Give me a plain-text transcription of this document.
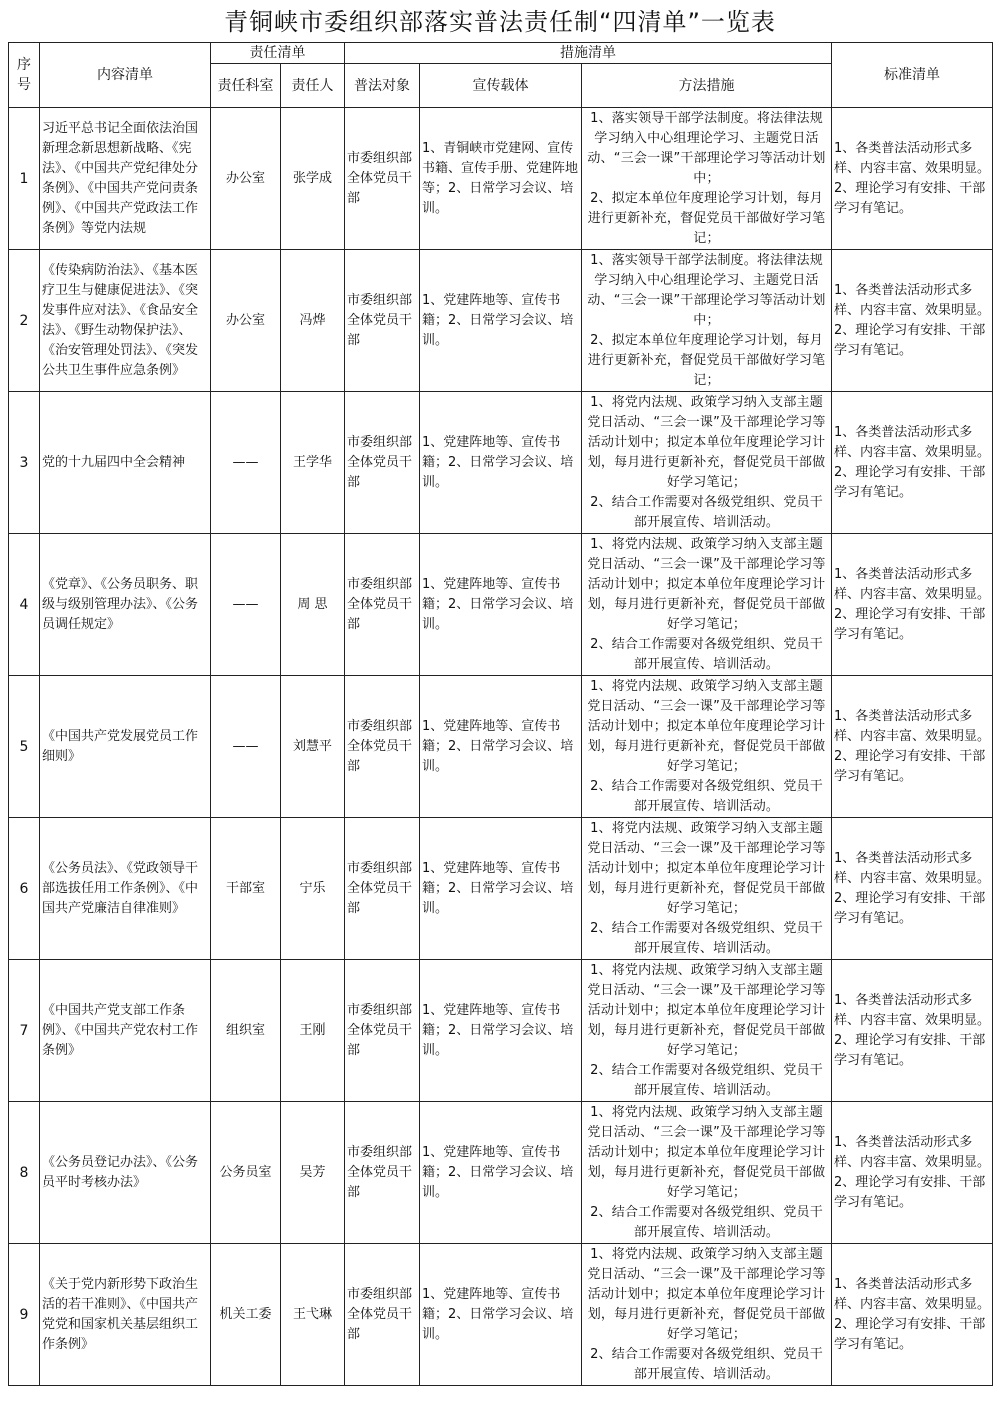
青铜峡市委组织部落实普法责任制“四清单”一览表
序号	内容清单	责任清单		措施清单			标准清单
		责任科室	责任人	普法对象	宣传载体	方法措施	
1	习近平总书记全面依法治国新理念新思想新战略、《宪法》、《中国共产党纪律处分条例》、《中国共产党问责条例》、《中国共产党政法工作条例》等党内法规	办公室	张学成	市委组织部全体党员干部	1、青铜峡市党建网、宣传书籍、宣传手册、党建阵地等；2、日常学习会议、培训。	1、落实领导干部学法制度。将法律法规学习纳入中心组理论学习、主题党日活动、“三会一课”干部理论学习等活动计划中；
2、拟定本单位年度理论学习计划，每月进行更新补充，督促党员干部做好学习笔记；	1、各类普法活动形式多样、内容丰富、效果明显。
2、理论学习有安排、干部学习有笔记。
2	《传染病防治法》、《基本医疗卫生与健康促进法》、《突发事件应对法》、《食品安全法》、《野生动物保护法》、《治安管理处罚法》、《突发公共卫生事件应急条例》	办公室	冯烨	市委组织部全体党员干部	1、党建阵地等、宣传书籍；2、日常学习会议、培训。	1、落实领导干部学法制度。将法律法规学习纳入中心组理论学习、主题党日活动、“三会一课”干部理论学习等活动计划中；
2、拟定本单位年度理论学习计划，每月进行更新补充，督促党员干部做好学习笔记；	1、各类普法活动形式多样、内容丰富、效果明显。
2、理论学习有安排、干部学习有笔记。
3	党的十九届四中全会精神	——	王学华	市委组织部全体党员干部	1、党建阵地等、宣传书籍；2、日常学习会议、培训。	1、将党内法规、政策学习纳入支部主题党日活动、“三会一课”及干部理论学习等活动计划中；拟定本单位年度理论学习计划，每月进行更新补充，督促党员干部做好学习笔记；
2、结合工作需要对各级党组织、党员干部开展宣传、培训活动。	1、各类普法活动形式多样、内容丰富、效果明显。
2、理论学习有安排、干部学习有笔记。
4	《党章》、《公务员职务、职级与级别管理办法》、《公务员调任规定》	——	周 思	市委组织部全体党员干部	1、党建阵地等、宣传书籍；2、日常学习会议、培训。	1、将党内法规、政策学习纳入支部主题党日活动、“三会一课”及干部理论学习等活动计划中；拟定本单位年度理论学习计划，每月进行更新补充，督促党员干部做好学习笔记；
2、结合工作需要对各级党组织、党员干部开展宣传、培训活动。	1、各类普法活动形式多样、内容丰富、效果明显。
2、理论学习有安排、干部学习有笔记。
5	《中国共产党发展党员工作细则》	——	刘慧平	市委组织部全体党员干部	1、党建阵地等、宣传书籍；2、日常学习会议、培训。	1、将党内法规、政策学习纳入支部主题党日活动、“三会一课”及干部理论学习等活动计划中；拟定本单位年度理论学习计划，每月进行更新补充，督促党员干部做好学习笔记；
2、结合工作需要对各级党组织、党员干部开展宣传、培训活动。	1、各类普法活动形式多样、内容丰富、效果明显。
2、理论学习有安排、干部学习有笔记。
6	《公务员法》、《党政领导干部选拔任用工作条例》、《中国共产党廉洁自律准则》	干部室	宁乐	市委组织部全体党员干部	1、党建阵地等、宣传书籍；2、日常学习会议、培训。	1、将党内法规、政策学习纳入支部主题党日活动、“三会一课”及干部理论学习等活动计划中；拟定本单位年度理论学习计划，每月进行更新补充，督促党员干部做好学习笔记；
2、结合工作需要对各级党组织、党员干部开展宣传、培训活动。	1、各类普法活动形式多样、内容丰富、效果明显。
2、理论学习有安排、干部学习有笔记。
7	《中国共产党支部工作条例》、《中国共产党农村工作条例》	组织室	王刚	市委组织部全体党员干部	1、党建阵地等、宣传书籍；2、日常学习会议、培训。	1、将党内法规、政策学习纳入支部主题党日活动、“三会一课”及干部理论学习等活动计划中；拟定本单位年度理论学习计划，每月进行更新补充，督促党员干部做好学习笔记；
2、结合工作需要对各级党组织、党员干部开展宣传、培训活动。	1、各类普法活动形式多样、内容丰富、效果明显。
2、理论学习有安排、干部学习有笔记。
8	《公务员登记办法》、《公务员平时考核办法》	公务员室	吴芳	市委组织部全体党员干部	1、党建阵地等、宣传书籍；2、日常学习会议、培训。	1、将党内法规、政策学习纳入支部主题党日活动、“三会一课”及干部理论学习等活动计划中；拟定本单位年度理论学习计划，每月进行更新补充，督促党员干部做好学习笔记；
2、结合工作需要对各级党组织、党员干部开展宣传、培训活动。	1、各类普法活动形式多样、内容丰富、效果明显。
2、理论学习有安排、干部学习有笔记。
9	《关于党内新形势下政治生活的若干准则》、《中国共产党党和国家机关基层组织工作条例》	机关工委	王弋琳	市委组织部全体党员干部	1、党建阵地等、宣传书籍；2、日常学习会议、培训。	1、将党内法规、政策学习纳入支部主题党日活动、“三会一课”及干部理论学习等活动计划中；拟定本单位年度理论学习计划，每月进行更新补充，督促党员干部做好学习笔记；
2、结合工作需要对各级党组织、党员干部开展宣传、培训活动。	1、各类普法活动形式多样、内容丰富、效果明显。
2、理论学习有安排、干部学习有笔记。
